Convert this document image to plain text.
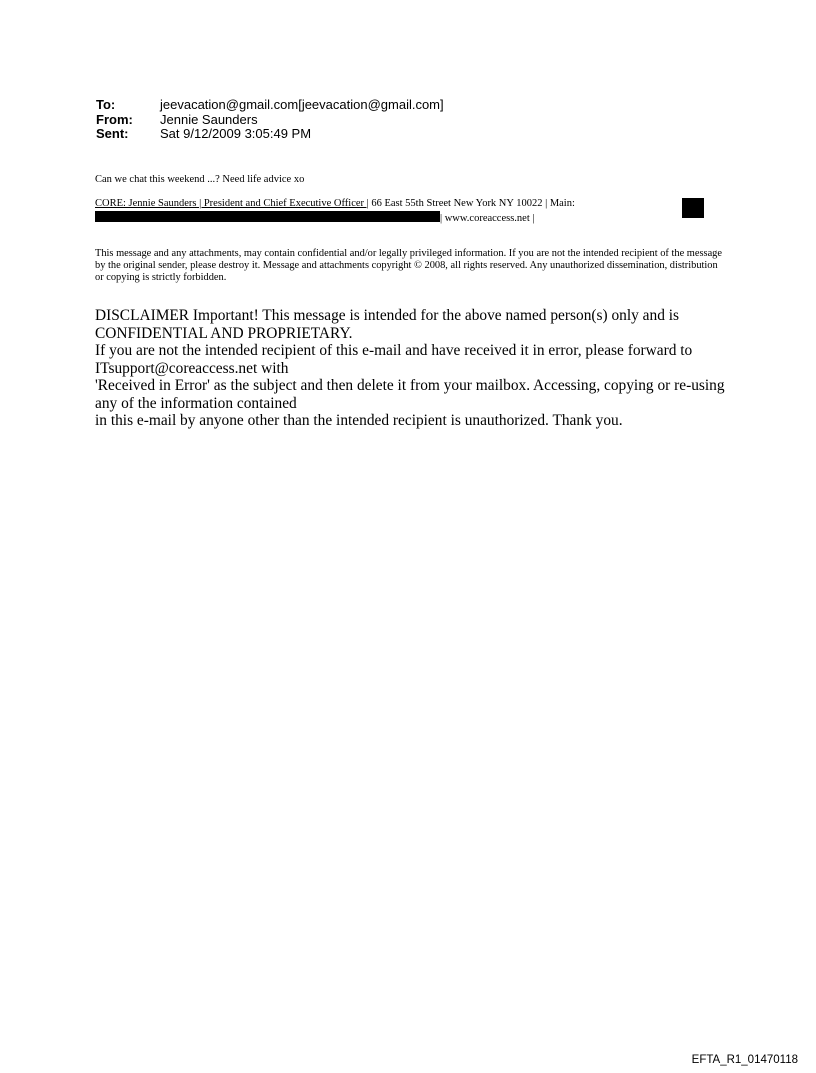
To:	jeevacation@gmail.com[jeevacation@gmail.com]
From:	Jennie Saunders
Sent:	Sat 9/12/2009 3:05:49 PM
Can we chat this weekend ...? Need life advice xo
CORE: Jennie Saunders | President and Chief Executive Officer | 66 East 55th Street New York NY 10022 | Main:
| www.coreaccess.net |
This message and any attachments, may contain confidential and/or legally privileged information. If you are not the intended recipient of the message by the original sender, please destroy it. Message and attachments copyright © 2008, all rights reserved. Any unauthorized dissemination, distribution or copying is strictly forbidden.
DISCLAIMER Important! This message is intended for the above named person(s) only and is CONFIDENTIAL AND PROPRIETARY.
If you are not the intended recipient of this e-mail and have received it in error, please forward to ITsupport@coreaccess.net with
'Received in Error' as the subject and then delete it from your mailbox. Accessing, copying or re-using any of the information contained
in this e-mail by anyone other than the intended recipient is unauthorized. Thank you.
EFTA_R1_01470118
